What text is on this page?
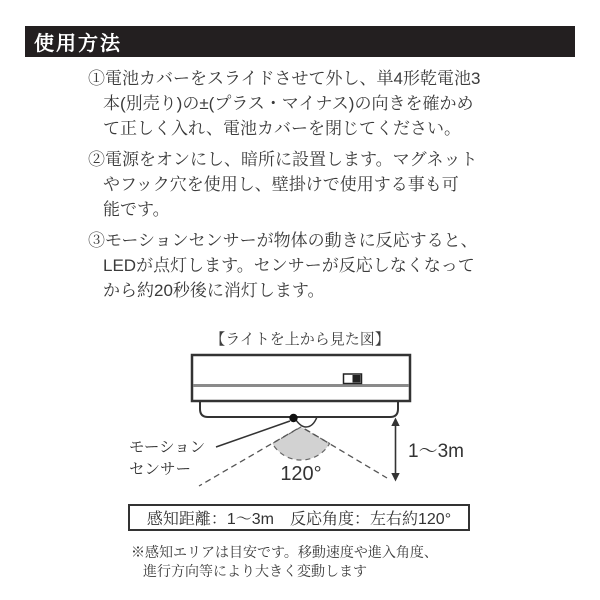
使用方法
①電池カバーをスライドさせて外し、単4形乾電池3
本(別売り)の±(プラス・マイナス)の向きを確かめ
て正しく入れ、電池カバーを閉じてください。
②電源をオンにし、暗所に設置します。マグネット
やフック穴を使用し、壁掛けで使用する事も可
能です。
③モーションセンサーが物体の動きに反応すると、
LEDが点灯します。センサーが反応しなくなって
から約20秒後に消灯します。
【ライトを上から見た図】
モーション
センサー	120°
1～3m
感知距離：1～3m　反応角度：左右約120°
※感知エリアは目安です。移動速度や進入角度、
進行方向等により大きく変動します
